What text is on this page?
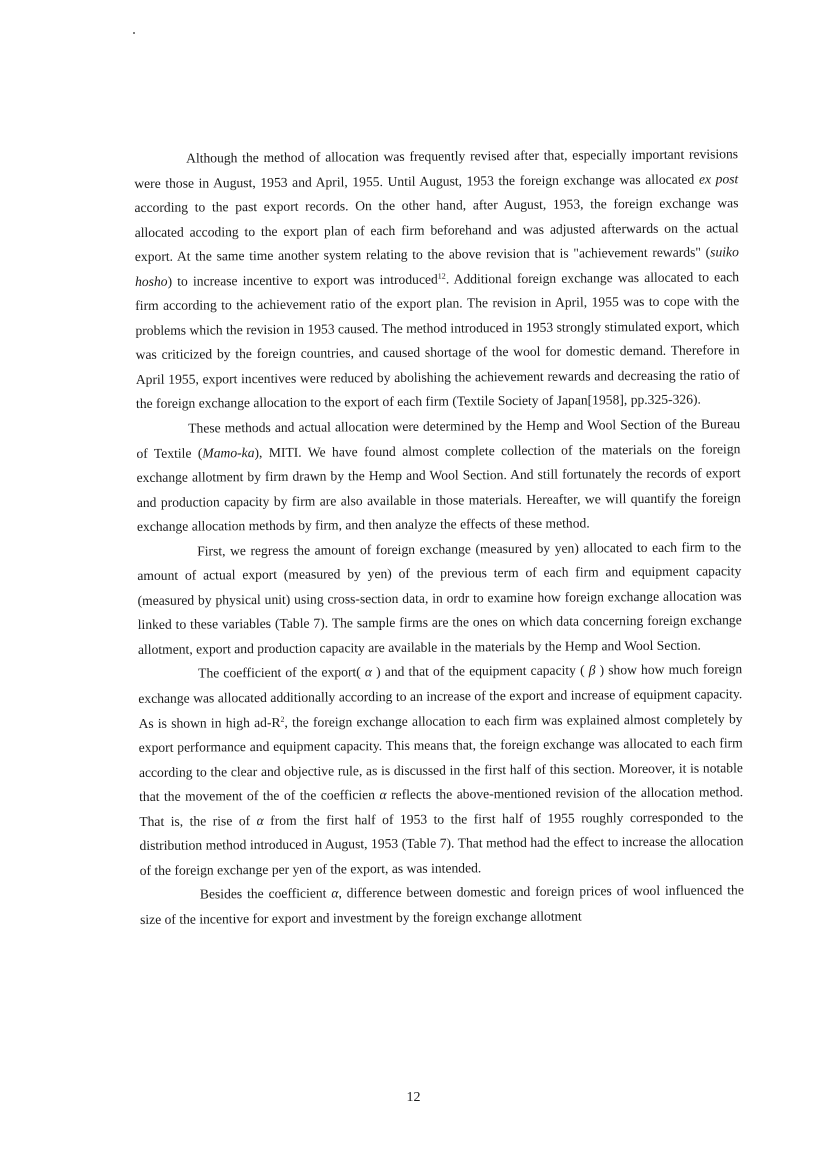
Although the method of allocation was frequently revised after that, especially important revisions were those in August, 1953 and April, 1955. Until August, 1953 the foreign exchange was allocated ex post according to the past export records. On the other hand, after August, 1953, the foreign exchange was allocated accoding to the export plan of each firm beforehand and was adjusted afterwards on the actual export. At the same time another system relating to the above revision that is "achievement rewards" (suiko hosho) to increase incentive to export was introduced$^{12}$. Additional foreign exchange was allocated to each firm according to the achievement ratio of the export plan. The revision in April, 1955 was to cope with the problems which the revision in 1953 caused. The method introduced in 1953 strongly stimulated export, which was criticized by the foreign countries, and caused shortage of the wool for domestic demand. Therefore in April 1955, export incentives were reduced by abolishing the achievement rewards and decreasing the ratio of the foreign exchange allocation to the export of each firm (Textile Society of Japan[1958], pp.325-326).

These methods and actual allocation were determined by the Hemp and Wool Section of the Bureau of Textile (Mamo-ka), MITI. We have found almost complete collection of the materials on the foreign exchange allotment by firm drawn by the Hemp and Wool Section. And still fortunately the records of export and production capacity by firm are also available in those materials. Hereafter, we will quantify the foreign exchange allocation methods by firm, and then analyze the effects of these method.

First, we regress the amount of foreign exchange (measured by yen) allocated to each firm to the amount of actual export (measured by yen) of the previous term of each firm and equipment capacity (measured by physical unit) using cross-section data, in ordr to examine how foreign exchange allocation was linked to these variables (Table 7). The sample firms are the ones on which data concerning foreign exchange allotment, export and production capacity are available in the materials by the Hemp and Wool Section.

The coefficient of the export( α ) and that of the equipment capacity ( β ) show how much foreign exchange was allocated additionally according to an increase of the export and increase of equipment capacity. As is shown in high $ad-R^2$, the foreign exchange allocation to each firm was explained almost completely by export performance and equipment capacity. This means that, the foreign exchange was allocated to each firm according to the clear and objective rule, as is discussed in the first half of this section. Moreover, it is notable that the movement of the of the coefficien α reflects the above-mentioned revision of the allocation method. That is, the rise of α from the first half of 1953 to the first half of 1955 roughly corresponded to the distribution method introduced in August, 1953 (Table 7). That method had the effect to increase the allocation of the foreign exchange per yen of the export, as was intended.

Besides the coefficient α, difference between domestic and foreign prices of wool influenced the size of the incentive for export and investment by the foreign exchange allotment

12
